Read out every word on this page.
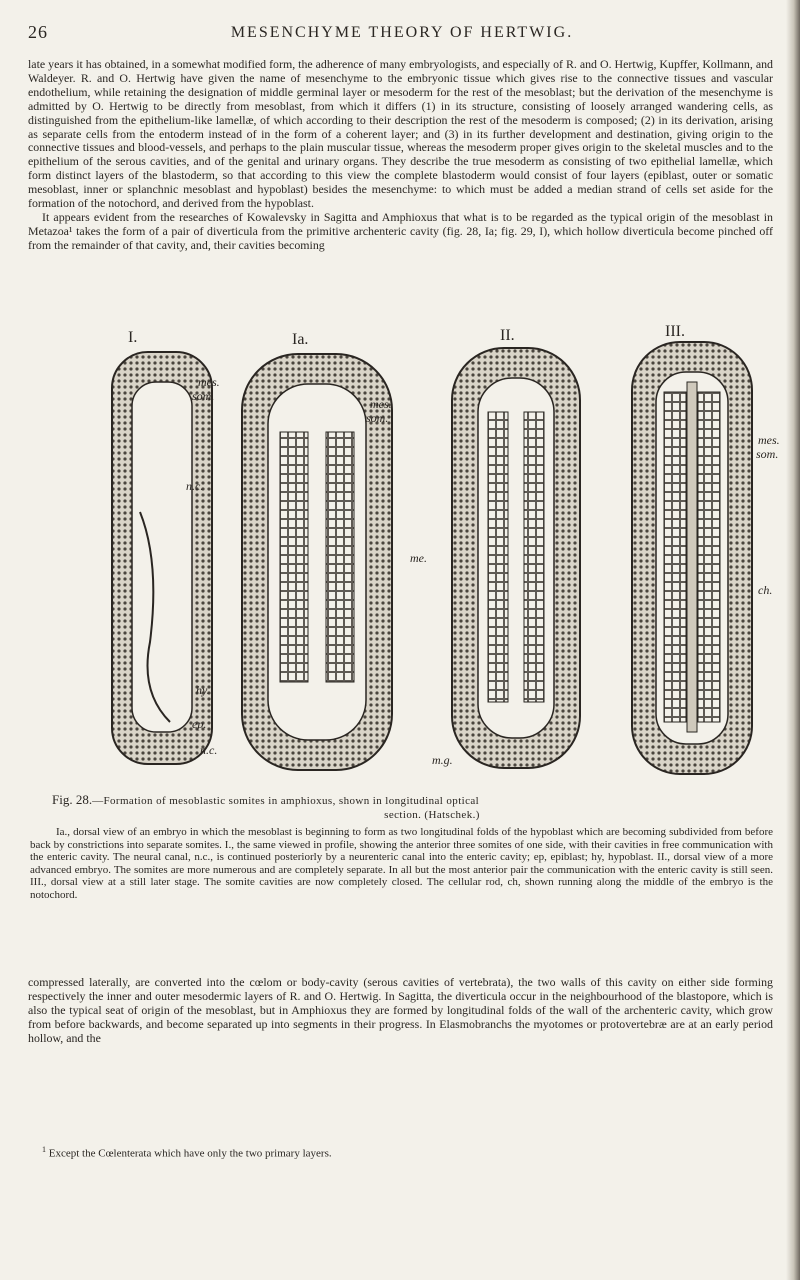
26	MESENCHYME THEORY OF HERTWIG.

late years it has obtained, in a somewhat modified form, the adherence of many embryologists, and especially of R. and O. Hertwig, Kupffer, Kollmann, and Waldeyer. R. and O. Hertwig have given the name of mesenchyme to the embryonic tissue which gives rise to the connective tissues and vascular endothelium, while retaining the designation of middle germinal layer or mesoderm for the rest of the mesoblast; but the derivation of the mesenchyme is admitted by O. Hertwig to be directly from mesoblast, from which it differs (1) in its structure, consisting of loosely arranged wandering cells, as distinguished from the epithelium-like lamellæ, of which according to their description the rest of the mesoderm is composed; (2) in its derivation, arising as separate cells from the entoderm instead of in the form of a coherent layer; and (3) in its further development and destination, giving origin to the connective tissues and blood-vessels, and perhaps to the plain muscular tissue, whereas the mesoderm proper gives origin to the skeletal muscles and to the epithelium of the serous cavities, and of the genital and urinary organs. They describe the true mesoderm as consisting of two epithelial lamellæ, which form distinct layers of the blastoderm, so that according to this view the complete blastoderm would consist of four layers (epiblast, outer or somatic mesoblast, inner or splanchnic mesoblast and hypoblast) besides the mesenchyme: to which must be added a median strand of cells set aside for the formation of the notochord, and derived from the hypoblast.

It appears evident from the researches of Kowalevsky in Sagitta and Amphioxus that what is to be regarded as the typical origin of the mesoblast in Metazoa¹ takes the form of a pair of diverticula from the primitive archenteric cavity (fig. 28, Ia; fig. 29, I), which hollow diverticula become pinched off from the remainder of that cavity, and, their cavities becoming

I.	Ia.	II.	III.
mes.
som.
mes.
som.
mes.
som.
n.c.
n.c.
hy.
ep.
me.
m.g.
ch.
Fig. 28.—Formation of mesoblastic somites in amphioxus, shown in longitudinal optical
section. (Hatschek.)
Ia., dorsal view of an embryo in which the mesoblast is beginning to form as two longitudinal folds of the hypoblast which are becoming subdivided from before back by constrictions into separate somites. I., the same viewed in profile, showing the anterior three somites of one side, with their cavities in free communication with the enteric cavity. The neural canal, n.c., is continued posteriorly by a neurenteric canal into the enteric cavity; ep, epiblast; hy, hypoblast. II., dorsal view of a more advanced embryo. The somites are more numerous and are completely separate. In all but the most anterior pair the communication with the enteric cavity is still seen. III., dorsal view at a still later stage. The somite cavities are now completely closed. The cellular rod, ch, shown running along the middle of the embryo is the notochord.

compressed laterally, are converted into the cœlom or body-cavity (serous cavities of vertebrata), the two walls of this cavity on either side forming respectively the inner and outer mesodermic layers of R. and O. Hertwig. In Sagitta, the diverticula occur in the neighbourhood of the blastopore, which is also the typical seat of origin of the mesoblast, but in Amphioxus they are formed by longitudinal folds of the wall of the archenteric cavity, which grow from before backwards, and become separated up into segments in their progress. In Elasmobranchs the myotomes or protovertebræ are at an early period hollow, and the

$^1$ Except the Cœlenterata which have only the two primary layers.
